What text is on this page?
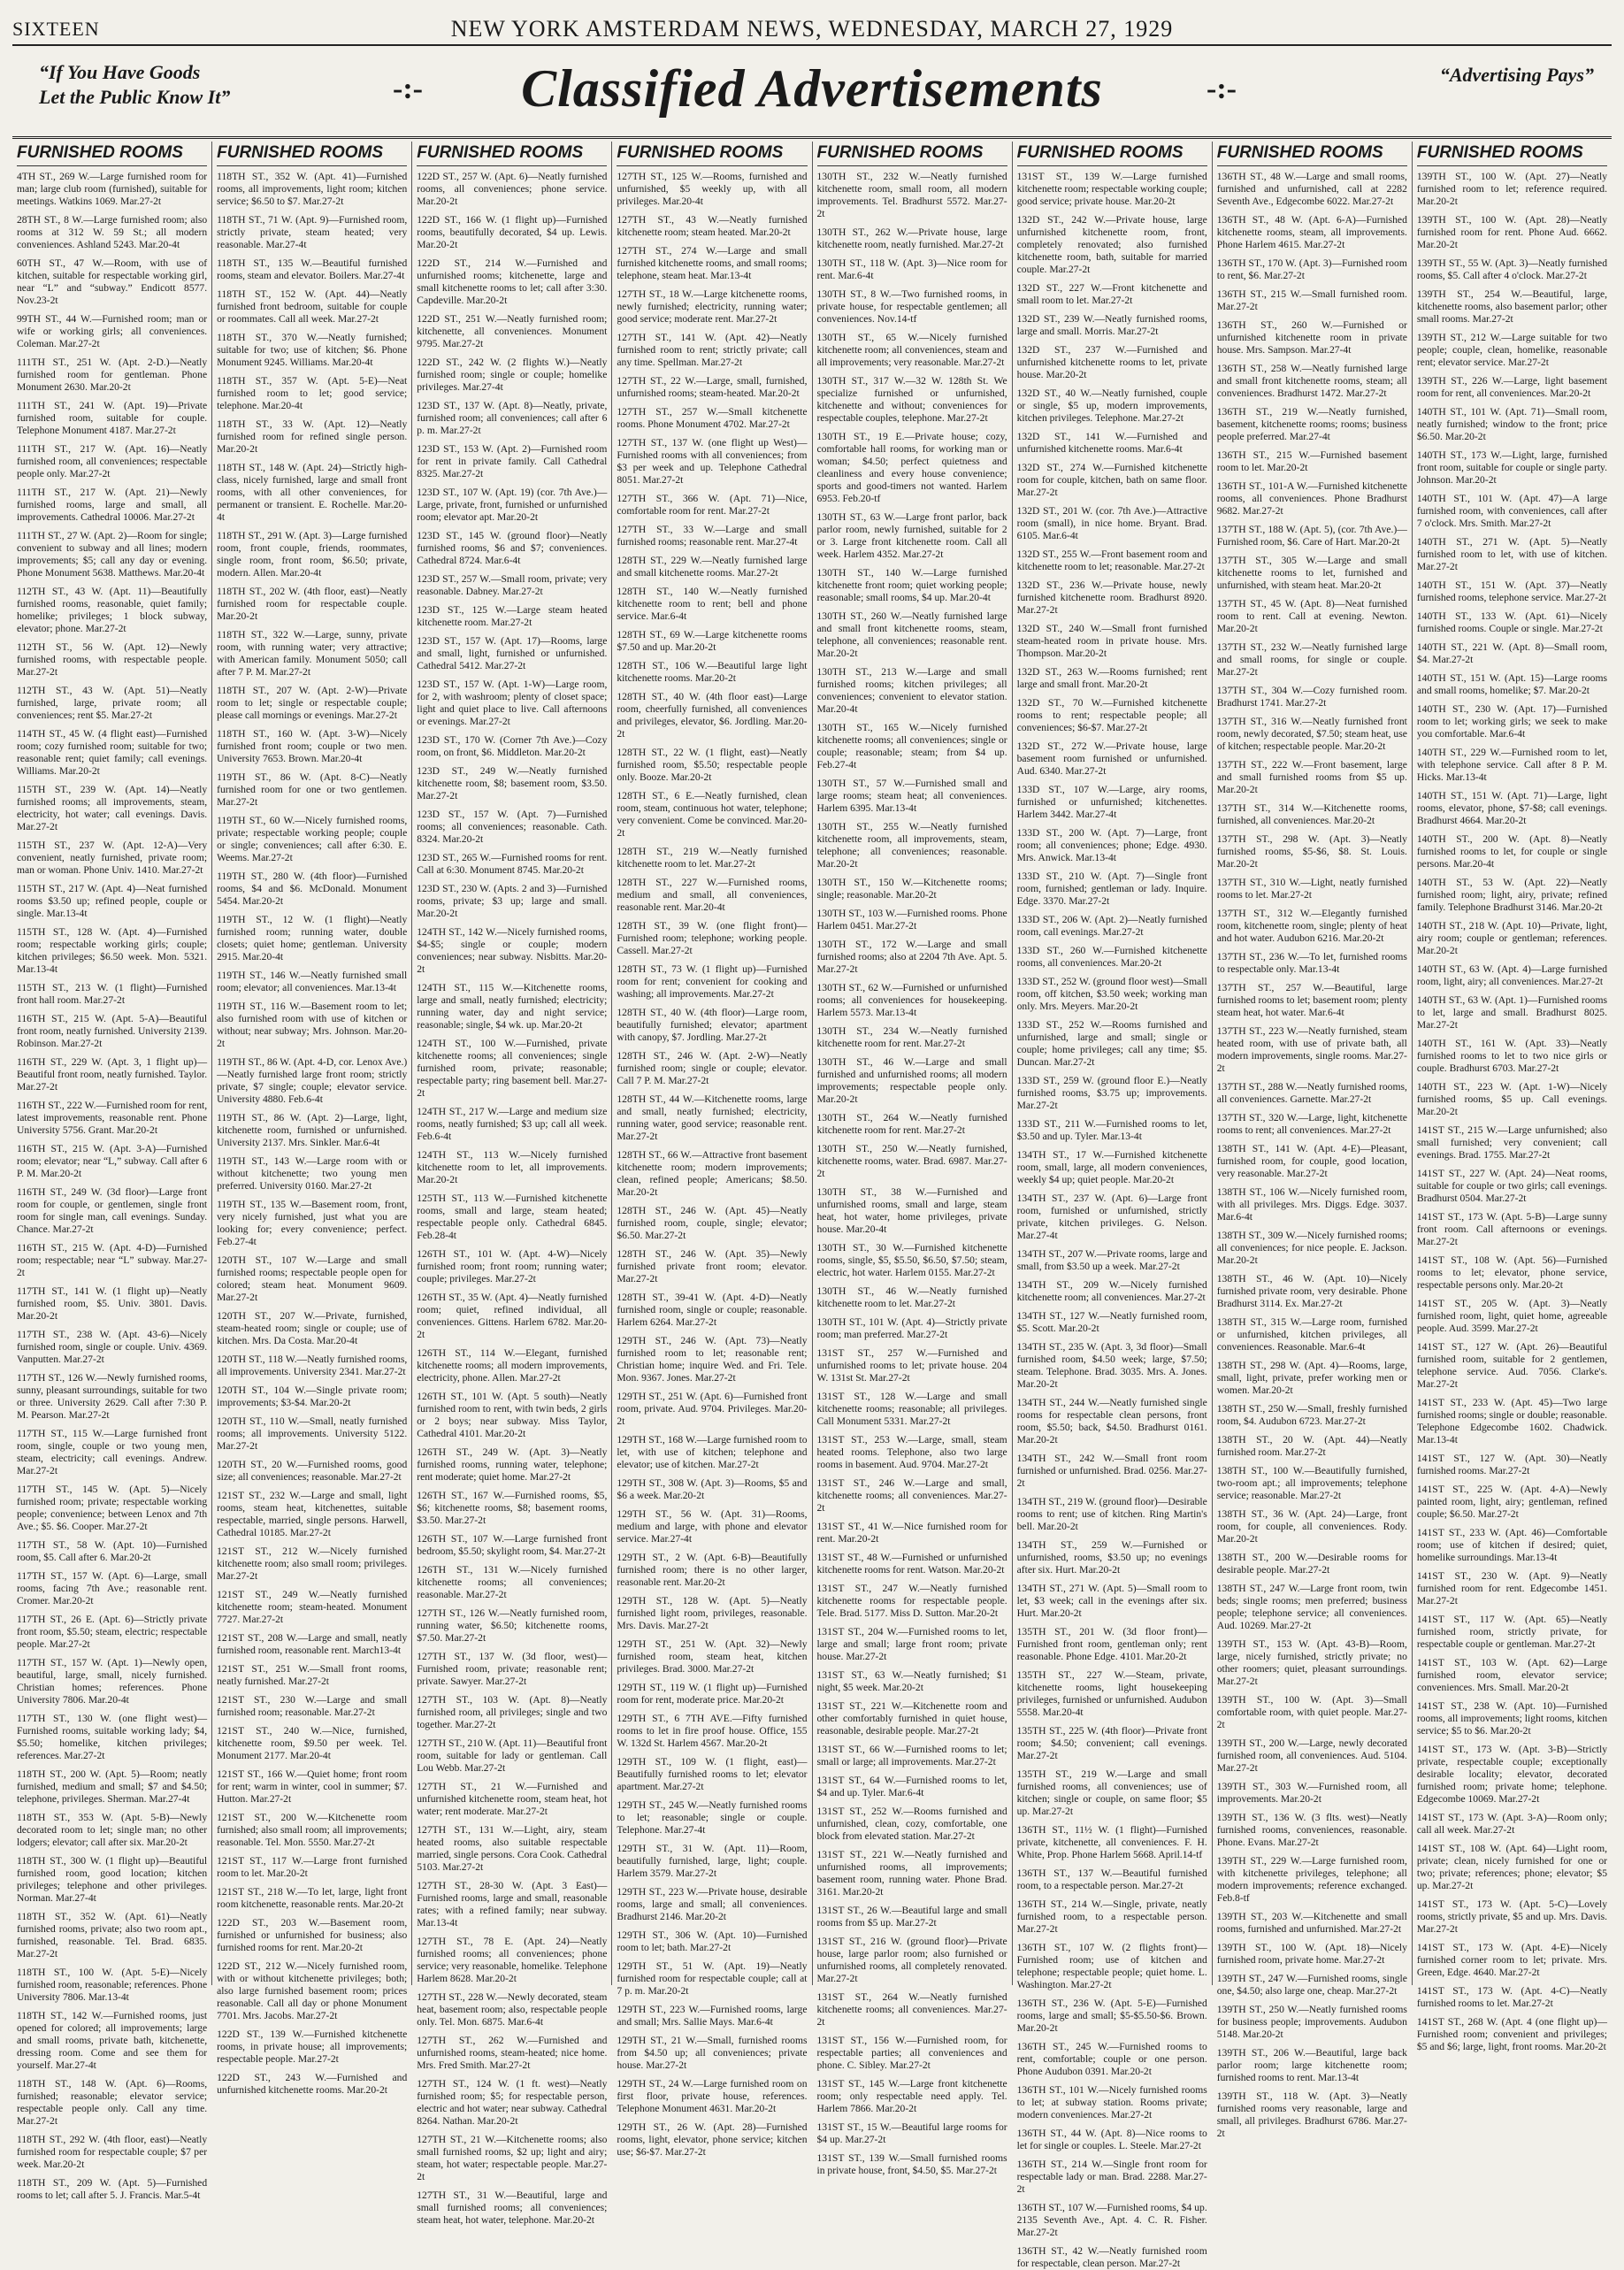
SIXTEEN	NEW YORK AMSTERDAM NEWS, WEDNESDAY, MARCH 27, 1929
“If You Have Goods
Let the Public Know It”	-:-	Classified Advertisements	-:-	“Advertising Pays”
FURNISHED ROOMS

4TH ST., 269 W.—Large furnished room for man; large club room (furnished), suitable for meetings. Watkins 1069. Mar.27-2t

28TH ST., 8 W.—Large furnished room; also rooms at 312 W. 59 St.; all modern conveniences. Ashland 5243. Mar.20-4t

60TH ST., 47 W.—Room, with use of kitchen, suitable for respectable working girl, near “L” and “subway.” Endicott 8577. Nov.23-2t

99TH ST., 44 W.—Furnished room; man or wife or working girls; all conveniences. Coleman. Mar.27-2t

111TH ST., 251 W. (Apt. 2-D.)—Neatly furnished room for gentleman. Phone Monument 2630. Mar.20-2t

111TH ST., 241 W. (Apt. 19)—Private furnished room, suitable for couple. Telephone Monument 4187. Mar.27-2t

111TH ST., 217 W. (Apt. 16)—Neatly furnished room, all conveniences; respectable people only. Mar.27-2t

111TH ST., 217 W. (Apt. 21)—Newly furnished rooms, large and small, all improvements. Cathedral 10006. Mar.27-2t

111TH ST., 27 W. (Apt. 2)—Room for single; convenient to subway and all lines; modern improvements; $5; call any day or evening. Phone Monument 5638. Matthews. Mar.20-4t

112TH ST., 43 W. (Apt. 11)—Beautifully furnished rooms, reasonable, quiet family; homelike; privileges; 1 block subway, elevator; phone. Mar.27-2t

112TH ST., 56 W. (Apt. 12)—Newly furnished rooms, with respectable people. Mar.27-2t

112TH ST., 43 W. (Apt. 51)—Neatly furnished, large, private room; all conveniences; rent $5. Mar.27-2t

114TH ST., 45 W. (4 flight east)—Furnished room; cozy furnished room; suitable for two; reasonable rent; quiet family; call evenings. Williams. Mar.20-2t

115TH ST., 239 W. (Apt. 14)—Neatly furnished rooms; all improvements, steam, electricity, hot water; call evenings. Davis. Mar.27-2t

115TH ST., 237 W. (Apt. 12-A)—Very convenient, neatly furnished, private room; man or woman. Phone Univ. 1410. Mar.27-2t

115TH ST., 217 W. (Apt. 4)—Neat furnished rooms $3.50 up; refined people, couple or single. Mar.13-4t

115TH ST., 128 W. (Apt. 4)—Furnished room; respectable working girls; couple; kitchen privileges; $6.50 week. Mon. 5321. Mar.13-4t

115TH ST., 213 W. (1 flight)—Furnished front hall room. Mar.27-2t

116TH ST., 215 W. (Apt. 5-A)—Beautiful front room, neatly furnished. University 2139. Robinson. Mar.27-2t

116TH ST., 229 W. (Apt. 3, 1 flight up)—Beautiful front room, neatly furnished. Taylor. Mar.27-2t

116TH ST., 222 W.—Furnished room for rent, latest improvements, reasonable rent. Phone University 5756. Grant. Mar.20-2t

116TH ST., 215 W. (Apt. 3-A)—Furnished room; elevator; near “L,” subway. Call after 6 P. M. Mar.20-2t

116TH ST., 249 W. (3d floor)—Large front room for couple, or gentlemen, single front room for single man, call evenings. Sunday. Chance. Mar.27-2t

116TH ST., 215 W. (Apt. 4-D)—Furnished room; respectable; near “L” subway. Mar.27-2t

117TH ST., 141 W. (1 flight up)—Neatly furnished room, $5. Univ. 3801. Davis. Mar.20-2t

117TH ST., 238 W. (Apt. 43-6)—Nicely furnished room, single or couple. Univ. 4369. Vanputten. Mar.27-2t

117TH ST., 126 W.—Newly furnished rooms, sunny, pleasant surroundings, suitable for two or three. University 2629. Call after 7:30 P. M. Pearson. Mar.27-2t

117TH ST., 115 W.—Large furnished front room, single, couple or two young men, steam, electricity; call evenings. Andrew. Mar.27-2t

117TH ST., 145 W. (Apt. 5)—Nicely furnished room; private; respectable working people; convenience; between Lenox and 7th Ave.; $5. $6. Cooper. Mar.27-2t

117TH ST., 58 W. (Apt. 10)—Furnished room, $5. Call after 6. Mar.20-2t

117TH ST., 157 W. (Apt. 6)—Large, small rooms, facing 7th Ave.; reasonable rent. Cromer. Mar.20-2t

117TH ST., 26 E. (Apt. 6)—Strictly private front room, $5.50; steam, electric; respectable people. Mar.27-2t

117TH ST., 157 W. (Apt. 1)—Newly open, beautiful, large, small, nicely furnished. Christian homes; references. Phone University 7806. Mar.20-4t

117TH ST., 130 W. (one flight west)—Furnished rooms, suitable working lady; $4, $5.50; homelike, kitchen privileges; references. Mar.27-2t

118TH ST., 200 W. (Apt. 5)—Room; neatly furnished, medium and small; $7 and $4.50; telephone, privileges. Sherman. Mar.27-4t

118TH ST., 353 W. (Apt. 5-B)—Newly decorated room to let; single man; no other lodgers; elevator; call after six. Mar.20-2t

118TH ST., 300 W. (1 flight up)—Beautiful furnished room, good location; kitchen privileges; telephone and other privileges. Norman. Mar.27-4t

118TH ST., 352 W. (Apt. 61)—Neatly furnished rooms, private; also two room apt., furnished, reasonable. Tel. Brad. 6835. Mar.27-2t

118TH ST., 100 W. (Apt. 5-E)—Nicely furnished room, reasonable; references. Phone University 7806. Mar.13-4t

118TH ST., 142 W.—Furnished rooms, just opened for colored; all improvements; large and small rooms, private bath, kitchenette, dressing room. Come and see them for yourself. Mar.27-4t

118TH ST., 148 W. (Apt. 6)—Rooms, furnished; reasonable; elevator service; respectable people only. Call any time. Mar.27-2t

118TH ST., 292 W. (4th floor, east)—Neatly furnished room for respectable couple; $7 per week. Mar.20-2t

118TH ST., 209 W. (Apt. 5)—Furnished rooms to let; call after 5. J. Francis. Mar.5-4t

FURNISHED ROOMS

118TH ST., 352 W. (Apt. 41)—Furnished rooms, all improvements, light room; kitchen service; $6.50 to $7. Mar.27-2t

118TH ST., 71 W. (Apt. 9)—Furnished room, strictly private, steam heated; very reasonable. Mar.27-4t

118TH ST., 135 W.—Beautiful furnished rooms, steam and elevator. Boilers. Mar.27-4t

118TH ST., 152 W. (Apt. 44)—Neatly furnished front bedroom, suitable for couple or roommates. Call all week. Mar.27-2t

118TH ST., 370 W.—Neatly furnished; suitable for two; use of kitchen; $6. Phone Monument 9245. Williams. Mar.20-4t

118TH ST., 357 W. (Apt. 5-E)—Neat furnished room to let; good service; telephone. Mar.20-4t

118TH ST., 33 W. (Apt. 12)—Neatly furnished room for refined single person. Mar.20-2t

118TH ST., 148 W. (Apt. 24)—Strictly high-class, nicely furnished, large and small front rooms, with all other conveniences, for permanent or transient. E. Rochelle. Mar.20-4t

118TH ST., 291 W. (Apt. 3)—Large furnished room, front couple, friends, roommates, single room, front room, $6.50; private, modern. Allen. Mar.20-4t

118TH ST., 202 W. (4th floor, east)—Neatly furnished room for respectable couple. Mar.20-2t

118TH ST., 322 W.—Large, sunny, private room, with running water; very attractive; with American family. Monument 5050; call after 7 P. M. Mar.27-2t

118TH ST., 207 W. (Apt. 2-W)—Private room to let; single or respectable couple; please call mornings or evenings. Mar.27-2t

118TH ST., 160 W. (Apt. 3-W)—Nicely furnished front room; couple or two men. University 7653. Brown. Mar.20-4t

119TH ST., 86 W. (Apt. 8-C)—Neatly furnished room for one or two gentlemen. Mar.27-2t

119TH ST., 60 W.—Nicely furnished rooms, private; respectable working people; couple or single; conveniences; call after 6:30. E. Weems. Mar.27-2t

119TH ST., 280 W. (4th floor)—Furnished rooms, $4 and $6. McDonald. Monument 5454. Mar.20-2t

119TH ST., 12 W. (1 flight)—Neatly furnished room; running water, double closets; quiet home; gentleman. University 2915. Mar.20-4t

119TH ST., 146 W.—Neatly furnished small room; elevator; all conveniences. Mar.13-4t

119TH ST., 116 W.—Basement room to let; also furnished room with use of kitchen or without; near subway; Mrs. Johnson. Mar.20-2t

119TH ST., 86 W. (Apt. 4-D, cor. Lenox Ave.)—Neatly furnished large front room; strictly private, $7 single; couple; elevator service. University 4880. Feb.6-4t

119TH ST., 86 W. (Apt. 2)—Large, light, kitchenette room, furnished or unfurnished. University 2137. Mrs. Sinkler. Mar.6-4t

119TH ST., 143 W.—Large room with or without kitchenette; two young men preferred. University 0160. Mar.27-2t

119TH ST., 135 W.—Basement room, front, very nicely furnished, just what you are looking for; every convenience; perfect. Feb.27-4t

120TH ST., 107 W.—Large and small furnished rooms; respectable people open for colored; steam heat. Monument 9609. Mar.27-2t

120TH ST., 207 W.—Private, furnished, steam-heated room; single or couple; use of kitchen. Mrs. Da Costa. Mar.20-4t

120TH ST., 118 W.—Neatly furnished rooms, all improvements. University 2341. Mar.27-2t

120TH ST., 104 W.—Single private room; improvements; $3-$4. Mar.20-2t

120TH ST., 110 W.—Small, neatly furnished rooms; all improvements. University 5122. Mar.27-2t

120TH ST., 20 W.—Furnished rooms, good size; all conveniences; reasonable. Mar.27-2t

121ST ST., 232 W.—Large and small, light rooms, steam heat, kitchenettes, suitable respectable, married, single persons. Harwell, Cathedral 10185. Mar.27-2t

121ST ST., 212 W.—Nicely furnished kitchenette room; also small room; privileges. Mar.27-2t

121ST ST., 249 W.—Neatly furnished kitchenette room; steam-heated. Monument 7727. Mar.27-2t

121ST ST., 208 W.—Large and small, neatly furnished room, reasonable rent. March13-4t

121ST ST., 251 W.—Small front rooms, neatly furnished. Mar.27-2t

121ST ST., 230 W.—Large and small furnished room; reasonable. Mar.27-2t

121ST ST., 240 W.—Nice, furnished, kitchenette room, $9.50 per week. Tel. Monument 2177. Mar.20-4t

121ST ST., 166 W.—Quiet home; front room for rent; warm in winter, cool in summer; $7. Hutton. Mar.27-2t

121ST ST., 200 W.—Kitchenette room furnished; also small room; all improvements; reasonable. Tel. Mon. 5550. Mar.27-2t

121ST ST., 117 W.—Large front furnished room to let. Mar.20-2t

121ST ST., 218 W.—To let, large, light front room kitchenette, reasonable rents. Mar.20-2t

122D ST., 203 W.—Basement room, furnished or unfurnished for business; also furnished rooms for rent. Mar.20-2t

122D ST., 212 W.—Nicely furnished room, with or without kitchenette privileges; both; also large furnished basement room; prices reasonable. Call all day or phone Monument 7701. Mrs. Jacobs. Mar.27-2t

122D ST., 139 W.—Furnished kitchenette rooms, in private house; all improvements; respectable people. Mar.27-2t

122D ST., 243 W.—Furnished and unfurnished kitchenette rooms. Mar.20-2t

FURNISHED ROOMS

122D ST., 257 W. (Apt. 6)—Neatly furnished rooms, all conveniences; phone service. Mar.20-2t

122D ST., 166 W. (1 flight up)—Furnished rooms, beautifully decorated, $4 up. Lewis. Mar.20-2t

122D ST., 214 W.—Furnished and unfurnished rooms; kitchenette, large and small kitchenette rooms to let; call after 3:30. Capdeville. Mar.20-2t

122D ST., 251 W.—Neatly furnished room; kitchenette, all conveniences. Monument 9795. Mar.27-2t

122D ST., 242 W. (2 flights W.)—Neatly furnished room; single or couple; homelike privileges. Mar.27-4t

123D ST., 137 W. (Apt. 8)—Neatly, private, furnished room; all conveniences; call after 6 p. m. Mar.27-2t

123D ST., 153 W. (Apt. 2)—Furnished room for rent in private family. Call Cathedral 8325. Mar.27-2t

123D ST., 107 W. (Apt. 19) (cor. 7th Ave.)—Large, private, front, furnished or unfurnished room; elevator apt. Mar.20-2t

123D ST., 145 W. (ground floor)—Neatly furnished rooms, $6 and $7; conveniences. Cathedral 8724. Mar.6-4t

123D ST., 257 W.—Small room, private; very reasonable. Dabney. Mar.27-2t

123D ST., 125 W.—Large steam heated kitchenette room. Mar.27-2t

123D ST., 157 W. (Apt. 17)—Rooms, large and small, light, furnished or unfurnished. Cathedral 5412. Mar.27-2t

123D ST., 157 W. (Apt. 1-W)—Large room, for 2, with washroom; plenty of closet space; light and quiet place to live. Call afternoons or evenings. Mar.27-2t

123D ST., 170 W. (Corner 7th Ave.)—Cozy room, on front, $6. Middleton. Mar.20-2t

123D ST., 249 W.—Neatly furnished kitchenette room, $8; basement room, $3.50. Mar.27-2t

123D ST., 157 W. (Apt. 7)—Furnished rooms; all conveniences; reasonable. Cath. 8324. Mar.20-2t

123D ST., 265 W.—Furnished rooms for rent. Call at 6:30. Monument 8745. Mar.20-2t

123D ST., 230 W. (Apts. 2 and 3)—Furnished rooms, private; $3 up; large and small. Mar.20-2t

124TH ST., 142 W.—Nicely furnished rooms, $4-$5; single or couple; modern conveniences; near subway. Nisbitts. Mar.20-2t

124TH ST., 115 W.—Kitchenette rooms, large and small, neatly furnished; electricity; running water, day and night service; reasonable; single, $4 wk. up. Mar.20-2t

124TH ST., 100 W.—Furnished, private kitchenette rooms; all conveniences; single furnished room, private; reasonable; respectable party; ring basement bell. Mar.27-2t

124TH ST., 217 W.—Large and medium size rooms, neatly furnished; $3 up; call all week. Feb.6-4t

124TH ST., 113 W.—Nicely furnished kitchenette room to let, all improvements. Mar.20-2t

125TH ST., 113 W.—Furnished kitchenette rooms, small and large, steam heated; respectable people only. Cathedral 6845. Feb.28-4t

126TH ST., 101 W. (Apt. 4-W)—Nicely furnished room; front room; running water; couple; privileges. Mar.27-2t

126TH ST., 35 W. (Apt. 4)—Neatly furnished room; quiet, refined individual, all conveniences. Gittens. Harlem 6782. Mar.20-2t

126TH ST., 114 W.—Elegant, furnished kitchenette rooms; all modern improvements, electricity, phone. Allen. Mar.27-2t

126TH ST., 101 W. (Apt. 5 south)—Neatly furnished room to rent, with twin beds, 2 girls or 2 boys; near subway. Miss Taylor, Cathedral 4101. Mar.20-2t

126TH ST., 249 W. (Apt. 3)—Neatly furnished rooms, running water, telephone; rent moderate; quiet home. Mar.27-2t

126TH ST., 167 W.—Furnished rooms, $5, $6; kitchenette rooms, $8; basement rooms, $3.50. Mar.27-2t

126TH ST., 107 W.—Large furnished front bedroom, $5.50; skylight room, $4. Mar.27-2t

126TH ST., 131 W.—Nicely furnished kitchenette rooms; all conveniences; reasonable. Mar.27-2t

127TH ST., 126 W.—Neatly furnished room, running water, $6.50; kitchenette rooms, $7.50. Mar.27-2t

127TH ST., 137 W. (3d floor, west)—Furnished room, private; reasonable rent; private. Sawyer. Mar.27-2t

127TH ST., 103 W. (Apt. 8)—Neatly furnished room, all privileges; single and two together. Mar.27-2t

127TH ST., 210 W. (Apt. 11)—Beautiful front room, suitable for lady or gentleman. Call Lou Webb. Mar.27-2t

127TH ST., 21 W.—Furnished and unfurnished kitchenette room, steam heat, hot water; rent moderate. Mar.27-2t

127TH ST., 131 W.—Light, airy, steam heated rooms, also suitable respectable married, single persons. Cora Cook. Cathedral 5103. Mar.27-2t

127TH ST., 28-30 W. (Apt. 3 East)—Furnished rooms, large and small, reasonable rates; with a refined family; near subway. Mar.13-4t

127TH ST., 78 E. (Apt. 24)—Neatly furnished rooms; all conveniences; phone service; very reasonable, homelike. Telephone Harlem 8628. Mar.20-2t

127TH ST., 228 W.—Newly decorated, steam heat, basement room; also, respectable people only. Tel. Mon. 6875. Mar.6-4t

127TH ST., 262 W.—Furnished and unfurnished rooms, steam-heated; nice home. Mrs. Fred Smith. Mar.27-2t

127TH ST., 124 W. (1 ft. west)—Neatly furnished room; $5; for respectable person, electric and hot water; near subway. Cathedral 8264. Nathan. Mar.20-2t

127TH ST., 21 W.—Kitchenette rooms; also small furnished rooms, $2 up; light and airy; steam, hot water; respectable people. Mar.27-2t

127TH ST., 31 W.—Beautiful, large and small furnished rooms; all conveniences; steam heat, hot water, telephone. Mar.20-2t

FURNISHED ROOMS

127TH ST., 125 W.—Rooms, furnished and unfurnished, $5 weekly up, with all privileges. Mar.20-4t

127TH ST., 43 W.—Neatly furnished kitchenette room; steam heated. Mar.20-2t

127TH ST., 274 W.—Large and small furnished kitchenette rooms, and small rooms; telephone, steam heat. Mar.13-4t

127TH ST., 18 W.—Large kitchenette rooms, newly furnished; electricity, running water; good service; moderate rent. Mar.27-2t

127TH ST., 141 W. (Apt. 42)—Neatly furnished room to rent; strictly private; call any time. Spellman. Mar.27-2t

127TH ST., 22 W.—Large, small, furnished, unfurnished rooms; steam-heated. Mar.20-2t

127TH ST., 257 W.—Small kitchenette rooms. Phone Monument 4702. Mar.27-2t

127TH ST., 137 W. (one flight up West)—Furnished rooms with all conveniences; from $3 per week and up. Telephone Cathedral 8051. Mar.27-2t

127TH ST., 366 W. (Apt. 71)—Nice, comfortable room for rent. Mar.27-2t

127TH ST., 33 W.—Large and small furnished rooms; reasonable rent. Mar.27-4t

128TH ST., 229 W.—Neatly furnished large and small kitchenette rooms. Mar.27-2t

128TH ST., 140 W.—Neatly furnished kitchenette room to rent; bell and phone service. Mar.6-4t

128TH ST., 69 W.—Large kitchenette rooms $7.50 and up. Mar.20-2t

128TH ST., 106 W.—Beautiful large light kitchenette rooms. Mar.20-2t

128TH ST., 40 W. (4th floor east)—Large room, cheerfully furnished, all conveniences and privileges, elevator, $6. Jordling. Mar.20-2t

128TH ST., 22 W. (1 flight, east)—Neatly furnished room, $5.50; respectable people only. Booze. Mar.20-2t

128TH ST., 6 E.—Neatly furnished, clean room, steam, continuous hot water, telephone; very convenient. Come be convinced. Mar.20-2t

128TH ST., 219 W.—Neatly furnished kitchenette room to let. Mar.27-2t

128TH ST., 227 W.—Furnished rooms, medium and small, all conveniences, reasonable rent. Mar.20-4t

128TH ST., 39 W. (one flight front)—Furnished room; telephone; working people. Cassell. Mar.27-2t

128TH ST., 73 W. (1 flight up)—Furnished room for rent; convenient for cooking and washing; all improvements. Mar.27-2t

128TH ST., 40 W. (4th floor)—Large room, beautifully furnished; elevator; apartment with canopy, $7. Jordling. Mar.27-2t

128TH ST., 246 W. (Apt. 2-W)—Neatly furnished room; single or couple; elevator. Call 7 P. M. Mar.27-2t

128TH ST., 44 W.—Kitchenette rooms, large and small, neatly furnished; electricity, running water, good service; reasonable rent. Mar.27-2t

128TH ST., 66 W.—Attractive front basement kitchenette room; modern improvements; clean, refined people; Americans; $8.50. Mar.20-2t

128TH ST., 246 W. (Apt. 45)—Neatly furnished room, couple, single; elevator; $6.50. Mar.27-2t

128TH ST., 246 W. (Apt. 35)—Newly furnished private front room; elevator. Mar.27-2t

128TH ST., 39-41 W. (Apt. 4-D)—Neatly furnished room, single or couple; reasonable. Harlem 6264. Mar.27-2t

129TH ST., 246 W. (Apt. 73)—Neatly furnished room to let; reasonable rent; Christian home; inquire Wed. and Fri. Tele. Mon. 9367. Jones. Mar.27-2t

129TH ST., 251 W. (Apt. 6)—Furnished front room, private. Aud. 9704. Privileges. Mar.20-2t

129TH ST., 168 W.—Large furnished room to let, with use of kitchen; telephone and elevator; use of kitchen. Mar.27-2t

129TH ST., 308 W. (Apt. 3)—Rooms, $5 and $6 a week. Mar.20-2t

129TH ST., 56 W. (Apt. 31)—Rooms, medium and large, with phone and elevator service. Mar.27-4t

129TH ST., 2 W. (Apt. 6-B)—Beautifully furnished room; there is no other larger, reasonable rent. Mar.20-2t

129TH ST., 128 W. (Apt. 5)—Neatly furnished light room, privileges, reasonable. Mrs. Davis. Mar.27-2t

129TH ST., 251 W. (Apt. 32)—Newly furnished room, steam heat, kitchen privileges. Brad. 3000. Mar.27-2t

129TH ST., 119 W. (1 flight up)—Furnished room for rent, moderate price. Mar.20-2t

129TH ST., 6 7TH AVE.—Fifty furnished rooms to let in fire proof house. Office, 155 W. 132d St. Harlem 4567. Mar.20-2t

129TH ST., 109 W. (1 flight, east)—Beautifully furnished rooms to let; elevator apartment. Mar.27-2t

129TH ST., 245 W.—Neatly furnished rooms to let; reasonable; single or couple. Telephone. Mar.27-4t

129TH ST., 31 W. (Apt. 11)—Room, beautifully furnished, large, light; couple. Harlem 3579. Mar.27-2t

129TH ST., 223 W.—Private house, desirable rooms, large and small; all conveniences. Bradhurst 2146. Mar.20-2t

129TH ST., 306 W. (Apt. 10)—Furnished room to let; bath. Mar.27-2t

129TH ST., 51 W. (Apt. 19)—Neatly furnished room for respectable couple; call at 7 p. m. Mar.20-2t

129TH ST., 223 W.—Furnished rooms, large and small; Mrs. Sallie Mays. Mar.6-4t

129TH ST., 21 W.—Small, furnished rooms from $4.50 up; all conveniences; private house. Mar.27-2t

129TH ST., 24 W.—Large furnished room on first floor, private house, references. Telephone Monument 4631. Mar.20-2t

129TH ST., 26 W. (Apt. 28)—Furnished rooms, light, elevator, phone service; kitchen use; $6-$7. Mar.27-2t

FURNISHED ROOMS

130TH ST., 232 W.—Neatly furnished kitchenette room, small room, all modern improvements. Tel. Bradhurst 5572. Mar.27-2t

130TH ST., 262 W.—Private house, large kitchenette room, neatly furnished. Mar.27-2t

130TH ST., 118 W. (Apt. 3)—Nice room for rent. Mar.6-4t

130TH ST., 8 W.—Two furnished rooms, in private house, for respectable gentlemen; all conveniences. Nov.14-tf

130TH ST., 65 W.—Nicely furnished kitchenette room; all conveniences, steam and all improvements; very reasonable. Mar.27-2t

130TH ST., 317 W.—32 W. 128th St. We specialize furnished or unfurnished, kitchenette and without; conveniences for respectable couples, telephone. Mar.27-2t

130TH ST., 19 E.—Private house; cozy, comfortable hall rooms, for working man or woman; $4.50; perfect quietness and cleanliness and every house convenience; sports and good-timers not wanted. Harlem 6953. Feb.20-tf

130TH ST., 63 W.—Large front parlor, back parlor room, newly furnished, suitable for 2 or 3. Large front kitchenette room. Call all week. Harlem 4352. Mar.27-2t

130TH ST., 140 W.—Large furnished kitchenette front room; quiet working people; reasonable; small rooms, $4 up. Mar.20-4t

130TH ST., 260 W.—Neatly furnished large and small front kitchenette rooms, steam, telephone, all conveniences; reasonable rent. Mar.20-2t

130TH ST., 213 W.—Large and small furnished rooms; kitchen privileges; all conveniences; convenient to elevator station. Mar.20-4t

130TH ST., 165 W.—Nicely furnished kitchenette rooms; all conveniences; single or couple; reasonable; steam; from $4 up. Feb.27-4t

130TH ST., 57 W.—Furnished small and large rooms; steam heat; all conveniences. Harlem 6395. Mar.13-4t

130TH ST., 255 W.—Neatly furnished kitchenette room, all improvements, steam, telephone; all conveniences; reasonable. Mar.20-2t

130TH ST., 150 W.—Kitchenette rooms; single; reasonable. Mar.20-2t

130TH ST., 103 W.—Furnished rooms. Phone Harlem 0451. Mar.27-2t

130TH ST., 172 W.—Large and small furnished rooms; also at 2204 7th Ave. Apt. 5. Mar.27-2t

130TH ST., 62 W.—Furnished or unfurnished rooms; all conveniences for housekeeping. Harlem 5573. Mar.13-4t

130TH ST., 234 W.—Neatly furnished kitchenette room for rent. Mar.27-2t

130TH ST., 46 W.—Large and small furnished and unfurnished rooms; all modern improvements; respectable people only. Mar.20-2t

130TH ST., 264 W.—Neatly furnished kitchenette room for rent. Mar.27-2t

130TH ST., 250 W.—Neatly furnished, kitchenette rooms, water. Brad. 6987. Mar.27-2t

130TH ST., 38 W.—Furnished and unfurnished rooms, small and large, steam heat, hot water, home privileges, private house. Mar.20-4t

130TH ST., 30 W.—Furnished kitchenette rooms, single, $5, $5.50, $6.50, $7.50; steam, electric, hot water. Harlem 0155. Mar.27-2t

130TH ST., 46 W.—Neatly furnished kitchenette room to let. Mar.27-2t

130TH ST., 101 W. (Apt. 4)—Strictly private room; man preferred. Mar.27-2t

131ST ST., 257 W.—Furnished and unfurnished rooms to let; private house. 204 W. 131st St. Mar.27-2t

131ST ST., 128 W.—Large and small kitchenette rooms; reasonable; all privileges. Call Monument 5331. Mar.27-2t

131ST ST., 253 W.—Large, small, steam heated rooms. Telephone, also two large rooms in basement. Aud. 9704. Mar.27-2t

131ST ST., 246 W.—Large and small, kitchenette rooms; all conveniences. Mar.27-2t

131ST ST., 41 W.—Nice furnished room for rent. Mar.20-2t

131ST ST., 48 W.—Furnished or unfurnished kitchenette rooms for rent. Watson. Mar.20-2t

131ST ST., 247 W.—Neatly furnished kitchenette rooms for respectable people. Tele. Brad. 5177. Miss D. Sutton. Mar.20-2t

131ST ST., 204 W.—Furnished rooms to let, large and small; large front room; private house. Mar.27-2t

131ST ST., 63 W.—Neatly furnished; $1 night, $5 week. Mar.20-2t

131ST ST., 221 W.—Kitchenette room and other comfortably furnished in quiet house, reasonable, desirable people. Mar.27-2t

131ST ST., 66 W.—Furnished rooms to let; small or large; all improvements. Mar.27-2t

131ST ST., 64 W.—Furnished rooms to let, $4 and up. Tyler. Mar.6-4t

131ST ST., 252 W.—Rooms furnished and unfurnished, clean, cozy, comfortable, one block from elevated station. Mar.27-2t

131ST ST., 221 W.—Neatly furnished and unfurnished rooms, all improvements; basement room, running water. Phone Brad. 3161. Mar.20-2t

131ST ST., 26 W.—Beautiful large and small rooms from $5 up. Mar.27-2t

131ST ST., 216 W. (ground floor)—Private house, large parlor room; also furnished or unfurnished rooms, all completely renovated. Mar.27-2t

131ST ST., 264 W.—Neatly furnished kitchenette rooms; all conveniences. Mar.27-2t

131ST ST., 156 W.—Furnished room, for respectable parties; all conveniences and phone. C. Sibley. Mar.27-2t

131ST ST., 145 W.—Large front kitchenette room; only respectable need apply. Tel. Harlem 7866. Mar.20-2t

131ST ST., 15 W.—Beautiful large rooms for $4 up. Mar.27-2t

131ST ST., 139 W.—Small furnished rooms in private house, front, $4.50, $5. Mar.27-2t

FURNISHED ROOMS

131ST ST., 139 W.—Large furnished kitchenette room; respectable working couple; good service; private house. Mar.20-2t

132D ST., 242 W.—Private house, large unfurnished kitchenette room, front, completely renovated; also furnished kitchenette room, bath, suitable for married couple. Mar.27-2t

132D ST., 227 W.—Front kitchenette and small room to let. Mar.27-2t

132D ST., 239 W.—Neatly furnished rooms, large and small. Morris. Mar.27-2t

132D ST., 237 W.—Furnished and unfurnished kitchenette rooms to let, private house. Mar.20-2t

132D ST., 40 W.—Neatly furnished, couple or single, $5 up, modern improvements, kitchen privileges. Telephone. Mar.27-2t

132D ST., 141 W.—Furnished and unfurnished kitchenette rooms. Mar.6-4t

132D ST., 274 W.—Furnished kitchenette room for couple, kitchen, bath on same floor. Mar.27-2t

132D ST., 201 W. (cor. 7th Ave.)—Attractive room (small), in nice home. Bryant. Brad. 6105. Mar.6-4t

132D ST., 255 W.—Front basement room and kitchenette room to let; reasonable. Mar.27-2t

132D ST., 236 W.—Private house, newly furnished kitchenette room. Bradhurst 8920. Mar.27-2t

132D ST., 240 W.—Small front furnished steam-heated room in private house. Mrs. Thompson. Mar.20-2t

132D ST., 263 W.—Rooms furnished; rent large and small front. Mar.20-2t

132D ST., 70 W.—Furnished kitchenette rooms to rent; respectable people; all conveniences; $6-$7. Mar.27-2t

132D ST., 272 W.—Private house, large basement room furnished or unfurnished. Aud. 6340. Mar.27-2t

133D ST., 107 W.—Large, airy rooms, furnished or unfurnished; kitchenettes. Harlem 3442. Mar.27-4t

133D ST., 200 W. (Apt. 7)—Large, front room; all conveniences; phone; Edge. 4930. Mrs. Anwick. Mar.13-4t

133D ST., 210 W. (Apt. 7)—Single front room, furnished; gentleman or lady. Inquire. Edge. 3370. Mar.27-2t

133D ST., 206 W. (Apt. 2)—Neatly furnished room, call evenings. Mar.27-2t

133D ST., 260 W.—Furnished kitchenette rooms, all conveniences. Mar.20-2t

133D ST., 252 W. (ground floor west)—Small room, off kitchen, $3.50 week; working man only. Mrs. Meyers. Mar.20-2t

133D ST., 252 W.—Rooms furnished and unfurnished, large and small; single or couple; home privileges; call any time; $5. Duncan. Mar.27-2t

133D ST., 259 W. (ground floor E.)—Neatly furnished rooms, $3.75 up; improvements. Mar.27-2t

133D ST., 211 W.—Furnished rooms to let, $3.50 and up. Tyler. Mar.13-4t

134TH ST., 17 W.—Furnished kitchenette room, small, large, all modern conveniences, weekly $4 up; quiet people. Mar.20-2t

134TH ST., 237 W. (Apt. 6)—Large front room, furnished or unfurnished, strictly private, kitchen privileges. G. Nelson. Mar.27-4t

134TH ST., 207 W.—Private rooms, large and small, from $3.50 up a week. Mar.27-2t

134TH ST., 209 W.—Nicely furnished kitchenette room; all conveniences. Mar.27-2t

134TH ST., 127 W.—Neatly furnished room, $5. Scott. Mar.20-2t

134TH ST., 235 W. (Apt. 3, 3d floor)—Small furnished room, $4.50 week; large, $7.50; steam. Telephone. Brad. 3035. Mrs. A. Jones. Mar.20-2t

134TH ST., 244 W.—Neatly furnished single rooms for respectable clean persons, front room, $5.50; back, $4.50. Bradhurst 0161. Mar.20-2t

134TH ST., 242 W.—Small front room furnished or unfurnished. Brad. 0256. Mar.27-2t

134TH ST., 219 W. (ground floor)—Desirable rooms to rent; use of kitchen. Ring Martin's bell. Mar.20-2t

134TH ST., 259 W.—Furnished or unfurnished, rooms, $3.50 up; no evenings after six. Hurt. Mar.20-2t

134TH ST., 271 W. (Apt. 5)—Small room to let, $3 week; call in the evenings after six. Hurt. Mar.20-2t

135TH ST., 201 W. (3d floor front)—Furnished front room, gentleman only; rent reasonable. Phone Edge. 4101. Mar.20-2t

135TH ST., 227 W.—Steam, private, kitchenette rooms, light housekeeping privileges, furnished or unfurnished. Audubon 5558. Mar.20-4t

135TH ST., 225 W. (4th floor)—Private front room; $4.50; convenient; call evenings. Mar.27-2t

135TH ST., 219 W.—Large and small furnished rooms, all conveniences; use of kitchen; single or couple, on same floor; $5 up. Mar.27-2t

136TH ST., 11½ W. (1 flight)—Furnished private, kitchenette, all conveniences. F. H. White, Prop. Phone Harlem 5668. April.14-tf

136TH ST., 137 W.—Beautiful furnished room, to a respectable person. Mar.27-2t

136TH ST., 214 W.—Single, private, neatly furnished room, to a respectable person. Mar.27-2t

136TH ST., 107 W. (2 flights front)—Furnished room; use of kitchen and telephone; respectable people; quiet home. L. Washington. Mar.27-2t

136TH ST., 236 W. (Apt. 5-E)—Furnished rooms, large and small; $5-$5.50-$6. Brown. Mar.20-2t

136TH ST., 245 W.—Furnished rooms to rent, comfortable; couple or one person. Phone Audubon 0391. Mar.20-2t

136TH ST., 101 W.—Nicely furnished rooms to let; at subway station. Rooms private; modern conveniences. Mar.27-2t

136TH ST., 44 W. (Apt. 8)—Nice rooms to let for single or couples. L. Steele. Mar.27-2t

136TH ST., 214 W.—Single front room for respectable lady or man. Brad. 2288. Mar.27-2t

136TH ST., 107 W.—Furnished rooms, $4 up. 2135 Seventh Ave., Apt. 4. C. R. Fisher. Mar.27-2t

136TH ST., 42 W.—Neatly furnished room for respectable, clean person. Mar.27-2t

FURNISHED ROOMS

136TH ST., 48 W.—Large and small rooms, furnished and unfurnished, call at 2282 Seventh Ave., Edgecombe 6022. Mar.27-2t

136TH ST., 48 W. (Apt. 6-A)—Furnished kitchenette rooms, steam, all improvements. Phone Harlem 4615. Mar.27-2t

136TH ST., 170 W. (Apt. 3)—Furnished room to rent, $6. Mar.27-2t

136TH ST., 215 W.—Small furnished room. Mar.27-2t

136TH ST., 260 W.—Furnished or unfurnished kitchenette room in private house. Mrs. Sampson. Mar.27-4t

136TH ST., 258 W.—Neatly furnished large and small front kitchenette rooms, steam; all conveniences. Bradhurst 1472. Mar.27-2t

136TH ST., 219 W.—Neatly furnished, basement, kitchenette rooms; rooms; business people preferred. Mar.27-4t

136TH ST., 215 W.—Furnished basement room to let. Mar.20-2t

136TH ST., 101-A W.—Furnished kitchenette rooms, all conveniences. Phone Bradhurst 9682. Mar.27-2t

137TH ST., 188 W. (Apt. 5), (cor. 7th Ave.)—Furnished room, $6. Care of Hart. Mar.20-2t

137TH ST., 305 W.—Large and small kitchenette rooms to let, furnished and unfurnished, with steam heat. Mar.20-2t

137TH ST., 45 W. (Apt. 8)—Neat furnished room to rent. Call at evening. Newton. Mar.20-2t

137TH ST., 232 W.—Neatly furnished large and small rooms, for single or couple. Mar.27-2t

137TH ST., 304 W.—Cozy furnished room. Bradhurst 1741. Mar.27-2t

137TH ST., 316 W.—Neatly furnished front room, newly decorated, $7.50; steam heat, use of kitchen; respectable people. Mar.20-2t

137TH ST., 222 W.—Front basement, large and small furnished rooms from $5 up. Mar.20-2t

137TH ST., 314 W.—Kitchenette rooms, furnished, all conveniences. Mar.20-2t

137TH ST., 298 W. (Apt. 3)—Neatly furnished rooms, $5-$6, $8. St. Louis. Mar.20-2t

137TH ST., 310 W.—Light, neatly furnished rooms to let. Mar.27-2t

137TH ST., 312 W.—Elegantly furnished room, kitchenette room, single; plenty of heat and hot water. Audubon 6216. Mar.20-2t

137TH ST., 236 W.—To let, furnished rooms to respectable only. Mar.13-4t

137TH ST., 257 W.—Beautiful, large furnished rooms to let; basement room; plenty steam heat, hot water. Mar.6-4t

137TH ST., 223 W.—Neatly furnished, steam heated room, with use of private bath, all modern improvements, single rooms. Mar.27-2t

137TH ST., 288 W.—Neatly furnished rooms, all conveniences. Garnette. Mar.27-2t

137TH ST., 320 W.—Large, light, kitchenette rooms to rent; all conveniences. Mar.27-2t

138TH ST., 141 W. (Apt. 4-E)—Pleasant, furnished room, for couple, good location, very reasonable. Mar.27-2t

138TH ST., 106 W.—Nicely furnished room, with all privileges. Mrs. Diggs. Edge. 3037. Mar.6-4t

138TH ST., 309 W.—Nicely furnished rooms; all conveniences; for nice people. E. Jackson. Mar.20-2t

138TH ST., 46 W. (Apt. 10)—Nicely furnished private room, very desirable. Phone Bradhurst 3114. Ex. Mar.27-2t

138TH ST., 315 W.—Large room, furnished or unfurnished, kitchen privileges, all conveniences. Reasonable. Mar.6-4t

138TH ST., 298 W. (Apt. 4)—Rooms, large, small, light, private, prefer working men or women. Mar.20-2t

138TH ST., 250 W.—Small, freshly furnished room, $4. Audubon 6723. Mar.27-2t

138TH ST., 20 W. (Apt. 44)—Neatly furnished room. Mar.27-2t

138TH ST., 100 W.—Beautifully furnished, two-room apt.; all improvements; telephone service; reasonable. Mar.27-2t

138TH ST., 36 W. (Apt. 24)—Large, front room, for couple, all conveniences. Rody. Mar.20-2t

138TH ST., 200 W.—Desirable rooms for desirable people. Mar.27-2t

138TH ST., 247 W.—Large front room, twin beds; single rooms; men preferred; business people; telephone service; all conveniences. Aud. 10269. Mar.27-2t

139TH ST., 153 W. (Apt. 43-B)—Room, large, nicely furnished, strictly private; no other roomers; quiet, pleasant surroundings. Mar.27-2t

139TH ST., 100 W. (Apt. 3)—Small comfortable room, with quiet people. Mar.27-2t

139TH ST., 200 W.—Large, newly decorated furnished room, all conveniences. Aud. 5104. Mar.27-2t

139TH ST., 303 W.—Furnished room, all improvements. Mar.20-2t

139TH ST., 136 W. (3 flts. west)—Neatly furnished rooms, conveniences, reasonable. Phone. Evans. Mar.27-2t

139TH ST., 229 W.—Large furnished room, with kitchenette privileges, telephone; all modern improvements; reference exchanged. Feb.8-tf

139TH ST., 203 W.—Kitchenette and small rooms, furnished and unfurnished. Mar.27-2t

139TH ST., 100 W. (Apt. 18)—Nicely furnished room, private home. Mar.27-2t

139TH ST., 247 W.—Furnished rooms, single one, $4.50; also large one, cheap. Mar.27-2t

139TH ST., 250 W.—Neatly furnished rooms for business people; improvements. Audubon 5148. Mar.20-2t

139TH ST., 206 W.—Beautiful, large back parlor room; large kitchenette room; furnished rooms to rent. Mar.13-4t

139TH ST., 118 W. (Apt. 3)—Neatly furnished rooms very reasonable, large and small, all privileges. Bradhurst 6786. Mar.27-2t

FURNISHED ROOMS

139TH ST., 100 W. (Apt. 27)—Neatly furnished room to let; reference required. Mar.20-2t

139TH ST., 100 W. (Apt. 28)—Neatly furnished room for rent. Phone Aud. 6662. Mar.20-2t

139TH ST., 55 W. (Apt. 3)—Neatly furnished rooms, $5. Call after 4 o'clock. Mar.27-2t

139TH ST., 254 W.—Beautiful, large, kitchenette rooms, also basement parlor; other small rooms. Mar.27-2t

139TH ST., 212 W.—Large suitable for two people; couple, clean, homelike, reasonable rent; elevator service. Mar.27-2t

139TH ST., 226 W.—Large, light basement room for rent, all conveniences. Mar.20-2t

140TH ST., 101 W. (Apt. 71)—Small room, neatly furnished; window to the front; price $6.50. Mar.20-2t

140TH ST., 173 W.—Light, large, furnished front room, suitable for couple or single party. Johnson. Mar.20-2t

140TH ST., 101 W. (Apt. 47)—A large furnished room, with conveniences, call after 7 o'clock. Mrs. Smith. Mar.27-2t

140TH ST., 271 W. (Apt. 5)—Neatly furnished room to let, with use of kitchen. Mar.27-2t

140TH ST., 151 W. (Apt. 37)—Neatly furnished rooms, telephone service. Mar.27-2t

140TH ST., 133 W. (Apt. 61)—Nicely furnished rooms. Couple or single. Mar.27-2t

140TH ST., 221 W. (Apt. 8)—Small room, $4. Mar.27-2t

140TH ST., 151 W. (Apt. 15)—Large rooms and small rooms, homelike; $7. Mar.20-2t

140TH ST., 230 W. (Apt. 17)—Furnished room to let; working girls; we seek to make you comfortable. Mar.6-4t

140TH ST., 229 W.—Furnished room to let, with telephone service. Call after 8 P. M. Hicks. Mar.13-4t

140TH ST., 151 W. (Apt. 71)—Large, light rooms, elevator, phone, $7-$8; call evenings. Bradhurst 4664. Mar.20-2t

140TH ST., 200 W. (Apt. 8)—Neatly furnished rooms to let, for couple or single persons. Mar.20-4t

140TH ST., 53 W. (Apt. 22)—Neatly furnished room; light, airy, private; refined family. Telephone Bradhurst 3146. Mar.20-2t

140TH ST., 218 W. (Apt. 10)—Private, light, airy room; couple or gentleman; references. Mar.20-2t

140TH ST., 63 W. (Apt. 4)—Large furnished room, light, airy; all conveniences. Mar.27-2t

140TH ST., 63 W. (Apt. 1)—Furnished rooms to let, large and small. Bradhurst 8025. Mar.27-2t

140TH ST., 161 W. (Apt. 33)—Neatly furnished rooms to let to two nice girls or couple. Bradhurst 6703. Mar.27-2t

140TH ST., 223 W. (Apt. 1-W)—Nicely furnished rooms, $5 up. Call evenings. Mar.20-2t

141ST ST., 215 W.—Large unfurnished; also small furnished; very convenient; call evenings. Brad. 1755. Mar.27-2t

141ST ST., 227 W. (Apt. 24)—Neat rooms, suitable for couple or two girls; call evenings. Bradhurst 0504. Mar.27-2t

141ST ST., 173 W. (Apt. 5-B)—Large sunny front room. Call afternoons or evenings. Mar.27-2t

141ST ST., 108 W. (Apt. 56)—Furnished rooms to let; elevator, phone service, respectable persons only. Mar.20-2t

141ST ST., 205 W. (Apt. 3)—Neatly furnished room, light, quiet home, agreeable people. Aud. 3599. Mar.27-2t

141ST ST., 127 W. (Apt. 26)—Beautiful furnished room, suitable for 2 gentlemen, telephone service. Aud. 7056. Clarke's. Mar.27-2t

141ST ST., 233 W. (Apt. 45)—Two large furnished rooms; single or double; reasonable. Telephone Edgecombe 1602. Chadwick. Mar.13-4t

141ST ST., 127 W. (Apt. 30)—Neatly furnished rooms. Mar.27-2t

141ST ST., 225 W. (Apt. 4-A)—Newly painted room, light, airy; gentleman, refined couple; $6.50. Mar.27-2t

141ST ST., 233 W. (Apt. 46)—Comfortable room; use of kitchen if desired; quiet, homelike surroundings. Mar.13-4t

141ST ST., 230 W. (Apt. 9)—Neatly furnished room for rent. Edgecombe 1451. Mar.27-2t

141ST ST., 117 W. (Apt. 65)—Neatly furnished room, strictly private, for respectable couple or gentleman. Mar.27-2t

141ST ST., 103 W. (Apt. 62)—Large furnished room, elevator service; conveniences. Mrs. Small. Mar.20-2t

141ST ST., 238 W. (Apt. 10)—Furnished rooms, all improvements; light rooms, kitchen service; $5 to $6. Mar.20-2t

141ST ST., 173 W. (Apt. 3-B)—Strictly private, respectable couple; exceptionally desirable locality; elevator, decorated furnished room; private home; telephone. Edgecombe 10069. Mar.27-2t

141ST ST., 173 W. (Apt. 3-A)—Room only; call all week. Mar.27-2t

141ST ST., 108 W. (Apt. 64)—Light room, private; clean, nicely furnished for one or two; private; references; phone; elevator; $5 up. Mar.27-2t

141ST ST., 173 W. (Apt. 5-C)—Lovely rooms, strictly private, $5 and up. Mrs. Davis. Mar.27-2t

141ST ST., 173 W. (Apt. 4-E)—Nicely furnished corner room to let; private. Mrs. Green, Edge. 4640. Mar.27-2t

141ST ST., 173 W. (Apt. 4-C)—Neatly furnished rooms to let. Mar.27-2t

141ST ST., 268 W. (Apt. 4 (one flight up)—Furnished room; convenient and privileges; $5 and $6; large, light, front rooms. Mar.20-2t
